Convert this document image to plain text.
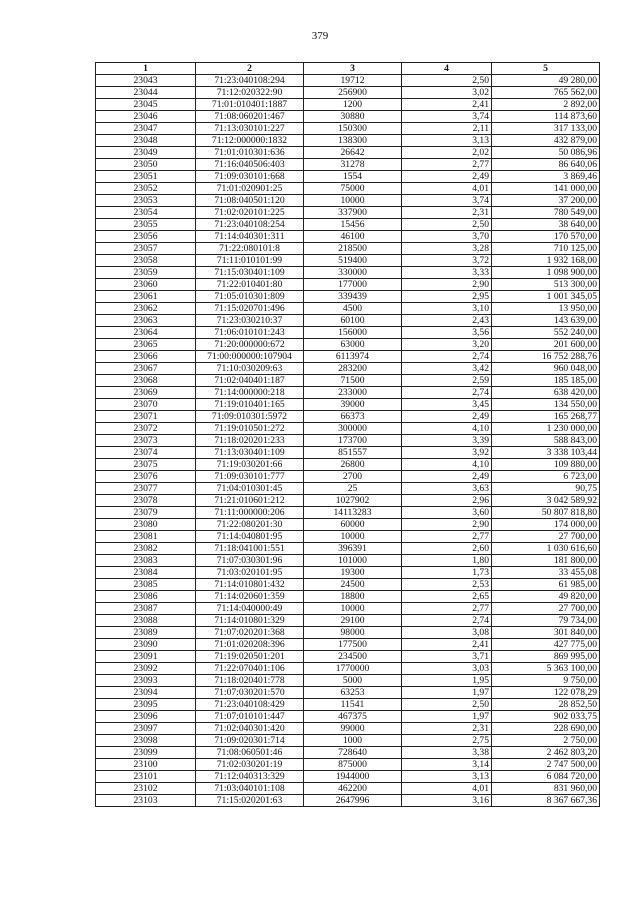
379
1	2	3	4	5
23043	71:23:040108:294	19712	2,50	49 280,00
23044	71:12:020322:90	256900	3,02	765 562,00
23045	71:01:010401:1887	1200	2,41	2 892,00
23046	71:08:060201:467	30880	3,74	114 873,60
23047	71:13:030101:227	150300	2,11	317 133,00
23048	71:12:000000:1832	138300	3,13	432 879,00
23049	71:01:010301:636	26642	2,02	50 086,96
23050	71:16:040506:403	31278	2,77	86 640,06
23051	71:09:030101:668	1554	2,49	3 869,46
23052	71:01:020901:25	75000	4,01	141 000,00
23053	71:08:040501:120	10000	3,74	37 200,00
23054	71:02:020101:225	337900	2,31	780 549,00
23055	71:23:040108:254	15456	2,50	38 640,00
23056	71:14:040301:311	46100	3,70	170 570,00
23057	71:22:080101:8	218500	3,28	710 125,00
23058	71:11:010101:99	519400	3,72	1 932 168,00
23059	71:15:030401:109	330000	3,33	1 098 900,00
23060	71:22:010401:80	177000	2,90	513 300,00
23061	71:05:010301:809	339439	2,95	1 001 345,05
23062	71:15:020701:496	4500	3,10	13 950,00
23063	71:23:030210:37	60100	2,43	143 639,00
23064	71:06:010101:243	156000	3,56	552 240,00
23065	71:20:000000:672	63000	3,20	201 600,00
23066	71:00:000000:107904	6113974	2,74	16 752 288,76
23067	71:10:030209:63	283200	3,42	960 048,00
23068	71:02:040401:187	71500	2,59	185 185,00
23069	71:14:000000:218	233000	2,74	638 420,00
23070	71:19:010401:165	39000	3,45	134 550,00
23071	71:09:010301:5972	66373	2,49	165 268,77
23072	71:19:010501:272	300000	4,10	1 230 000,00
23073	71:18:020201:233	173700	3,39	588 843,00
23074	71:13:030401:109	851557	3,92	3 338 103,44
23075	71:19:030201:66	26800	4,10	109 880,00
23076	71:09:030101:777	2700	2,49	6 723,00
23077	71:04:010301:45	25	3,63	90,75
23078	71:21:010601:212	1027902	2,96	3 042 589,92
23079	71:11:000000:206	14113283	3,60	50 807 818,80
23080	71:22:080201:30	60000	2,90	174 000,00
23081	71:14:040801:95	10000	2,77	27 700,00
23082	71:18:041001:551	396391	2,60	1 030 616,60
23083	71:07:030301:96	101000	1,80	181 800,00
23084	71:03:020101:95	19300	1,73	33 455,08
23085	71:14:010801:432	24500	2,53	61 985,00
23086	71:14:020601:359	18800	2,65	49 820,00
23087	71:14:040000:49	10000	2,77	27 700,00
23088	71:14:010801:329	29100	2,74	79 734,00
23089	71:07:020201:368	98000	3,08	301 840,00
23090	71:01:020208:396	177500	2,41	427 775,00
23091	71:19:020501:201	234500	3,71	869 995,00
23092	71:22:070401:106	1770000	3,03	5 363 100,00
23093	71:18:020401:778	5000	1,95	9 750,00
23094	71:07:030201:570	63253	1,97	122 078,29
23095	71:23:040108:429	11541	2,50	28 852,50
23096	71:07:010101:447	467375	1,97	902 033,75
23097	71:02:040301:420	99000	2,31	228 690,00
23098	71:09:020301:714	1000	2,75	2 750,00
23099	71:08:060501:46	728640	3,38	2 462 803,20
23100	71:02:030201:19	875000	3,14	2 747 500,00
23101	71:12:040313:329	1944000	3,13	6 084 720,00
23102	71:03:040101:108	462200	4,01	831 960,00
23103	71:15:020201:63	2647996	3,16	8 367 667,36
